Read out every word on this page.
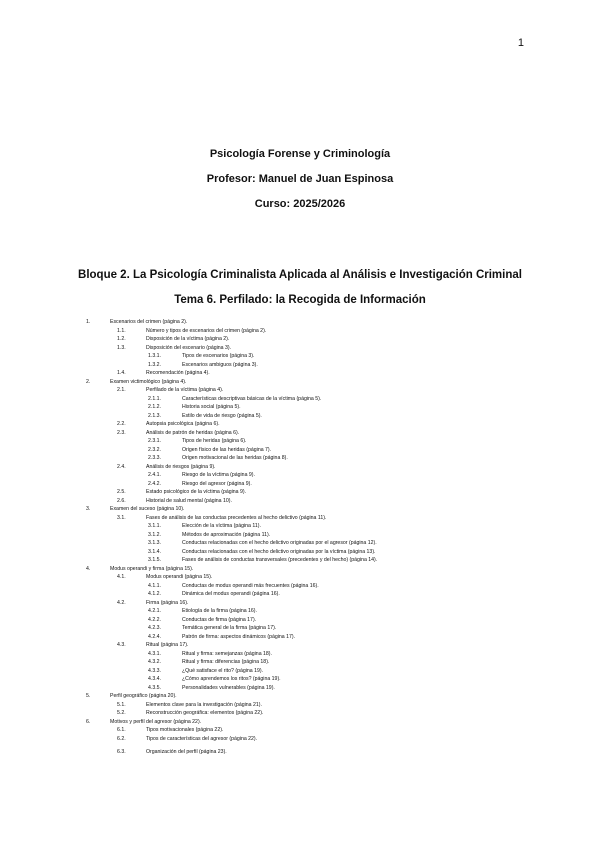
1
Psicología Forense y Criminología
Profesor: Manuel de Juan Espinosa
Curso: 2025/2026
Bloque 2. La Psicología Criminalista Aplicada al Análisis e Investigación Criminal
Tema 6. Perfilado: la Recogida de Información
1.	Escenarios del crimen (página 2).
1.1.	Número y tipos de escenarios del crimen (página 2).
1.2.	Disposición de la víctima (página 2).
1.3.	Disposición del escenario (página 3).
1.3.1.	Tipos de escenarios (página 3).
1.3.2.	Escenarios ambiguos (página 3).
1.4.	Recomendación (página 4).
2.	Examen victimológico (página 4).
2.1.	Perfilado de la víctima (página 4).
2.1.1.	Características descriptivas básicas de la víctima (página 5).
2.1.2.	Historia social (página 5).
2.1.3.	Estilo de vida de riesgo (página 5).
2.2.	Autopsia psicológica (página 6).
2.3.	Análisis de patrón de heridas (página 6).
2.3.1.	Tipos de heridas (página 6).
2.3.2.	Origen físico de las heridas (página 7).
2.3.3.	Origen motivacional de las heridas (página 8).
2.4.	Análisis de riesgos (página 9).
2.4.1.	Riesgo de la víctima (página 9).
2.4.2.	Riesgo del agresor (página 9).
2.5.	Estado psicológico de la víctima (página 9).
2.6.	Historial de salud mental (página 10).
3.	Examen del suceso (página 10).
3.1.	Fases de análisis de las conductas precedentes al hecho delictivo (página 11).
3.1.1.	Elección de la víctima (página 11).
3.1.2.	Métodos de aproximación (página 11).
3.1.3.	Conductas relacionadas con el hecho delictivo originadas por el agresor (página 12).
3.1.4.	Conductas relacionadas con el hecho delictivo originadas por la víctima (página 13).
3.1.5.	Fases de análisis de conductas transversales (precedentes y del hecho) (página 14).
4.	Modus operandi y firma (página 15).
4.1.	Modus operandi (página 15).
4.1.1.	Conductas de modus operandi más frecuentes (página 16).
4.1.2.	Dinámica del modus operandi (página 16).
4.2.	Firma (página 16).
4.2.1.	Etiología de la firma (página 16).
4.2.2.	Conductas de firma (página 17).
4.2.3.	Temática general de la firma (página 17).
4.2.4.	Patrón de firma: aspectos dinámicos (página 17).
4.3.	Ritual (página 17).
4.3.1.	Ritual y firma: semejanzas (página 18).
4.3.2.	Ritual y firma: diferencias (página 18).
4.3.3.	¿Qué satisface el rito? (página 19).
4.3.4.	¿Cómo aprendemos los ritos? (página 19).
4.3.5.	Personalidades vulnerables (página 19).
5.	Perfil geográfico (página 20).
5.1.	Elementos clave para la investigación (página 21).
5.2.	Reconstrucción geográfica: elementos (página 22).
6.	Motivos y perfil del agresor (página 22).
6.1.	Tipos motivacionales (página 22).
6.2.	Tipos de características del agresor (página 22).
6.3.	Organización del perfil (página 23).
